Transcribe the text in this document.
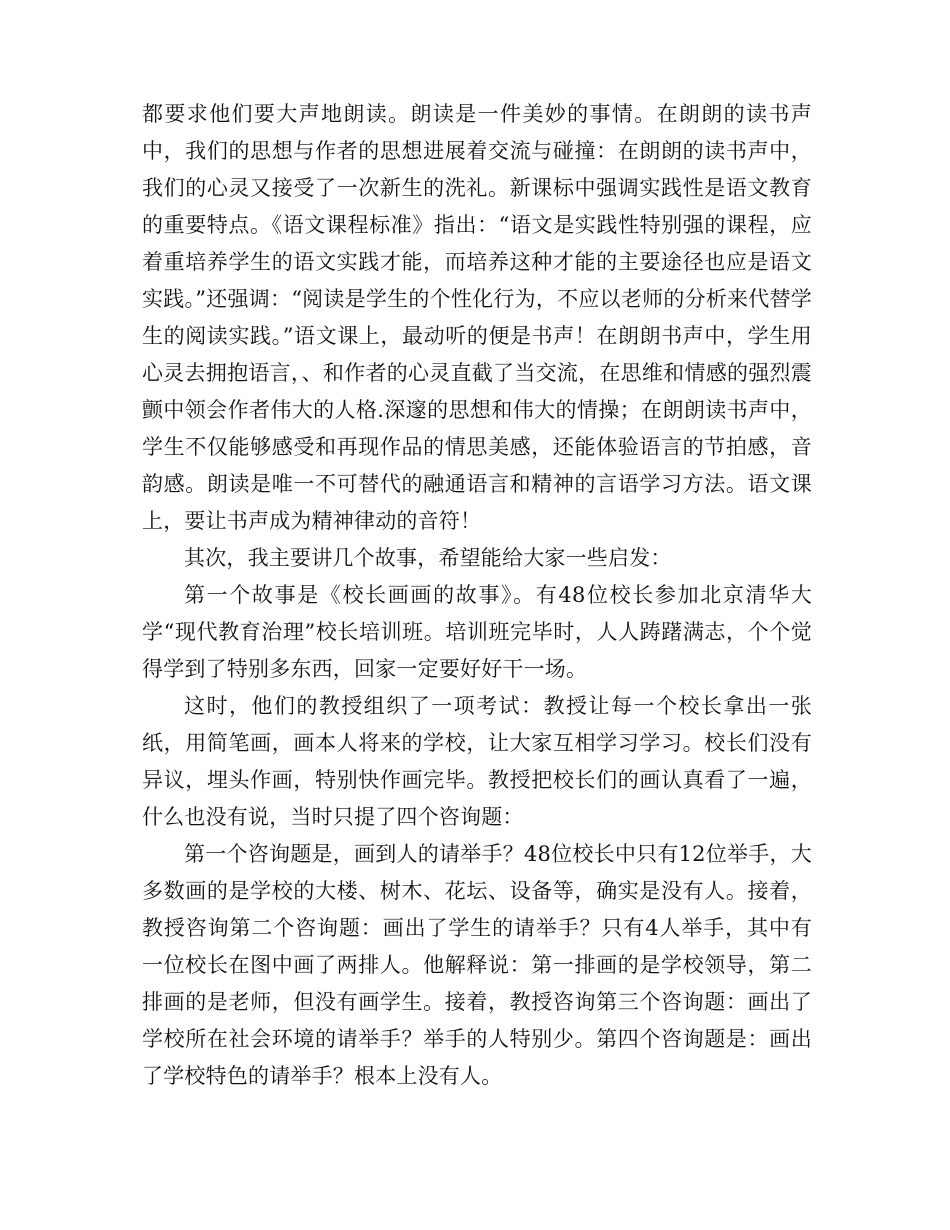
都要求他们要大声地朗读。朗读是一件美妙的事情。在朗朗的读书声中，我们的思想与作者的思想进展着交流与碰撞：在朗朗的读书声中，我们的心灵又接受了一次新生的洗礼。新课标中强调实践性是语文教育的重要特点。《语文课程标准》指出：“语文是实践性特别强的课程，应着重培养学生的语文实践才能，而培养这种才能的主要途径也应是语文实践。”还强调：“阅读是学生的个性化行为，不应以老师的分析来代替学生的阅读实践。”语文课上，最动听的便是书声！在朗朗书声中，学生用心灵去拥抱语言，、和作者的心灵直截了当交流，在思维和情感的强烈震颤中领会作者伟大的人格.深邃的思想和伟大的情操；在朗朗读书声中，学生不仅能够感受和再现作品的情思美感，还能体验语言的节拍感，音韵感。朗读是唯一不可替代的融通语言和精神的言语学习方法。语文课上，要让书声成为精神律动的音符！

其次，我主要讲几个故事，希望能给大家一些启发：

第一个故事是《校长画画的故事》。有48位校长参加北京清华大学“现代教育治理”校长培训班。培训班完毕时，人人踌躇满志，个个觉得学到了特别多东西，回家一定要好好干一场。

这时，他们的教授组织了一项考试：教授让每一个校长拿出一张纸，用简笔画，画本人将来的学校，让大家互相学习学习。校长们没有异议，埋头作画，特别快作画完毕。教授把校长们的画认真看了一遍，什么也没有说，当时只提了四个咨询题：

第一个咨询题是，画到人的请举手？48位校长中只有12位举手，大多数画的是学校的大楼、树木、花坛、设备等，确实是没有人。接着，教授咨询第二个咨询题：画出了学生的请举手？只有4人举手，其中有一位校长在图中画了两排人。他解释说：第一排画的是学校领导，第二排画的是老师，但没有画学生。接着，教授咨询第三个咨询题：画出了学校所在社会环境的请举手？举手的人特别少。第四个咨询题是：画出了学校特色的请举手？根本上没有人。
